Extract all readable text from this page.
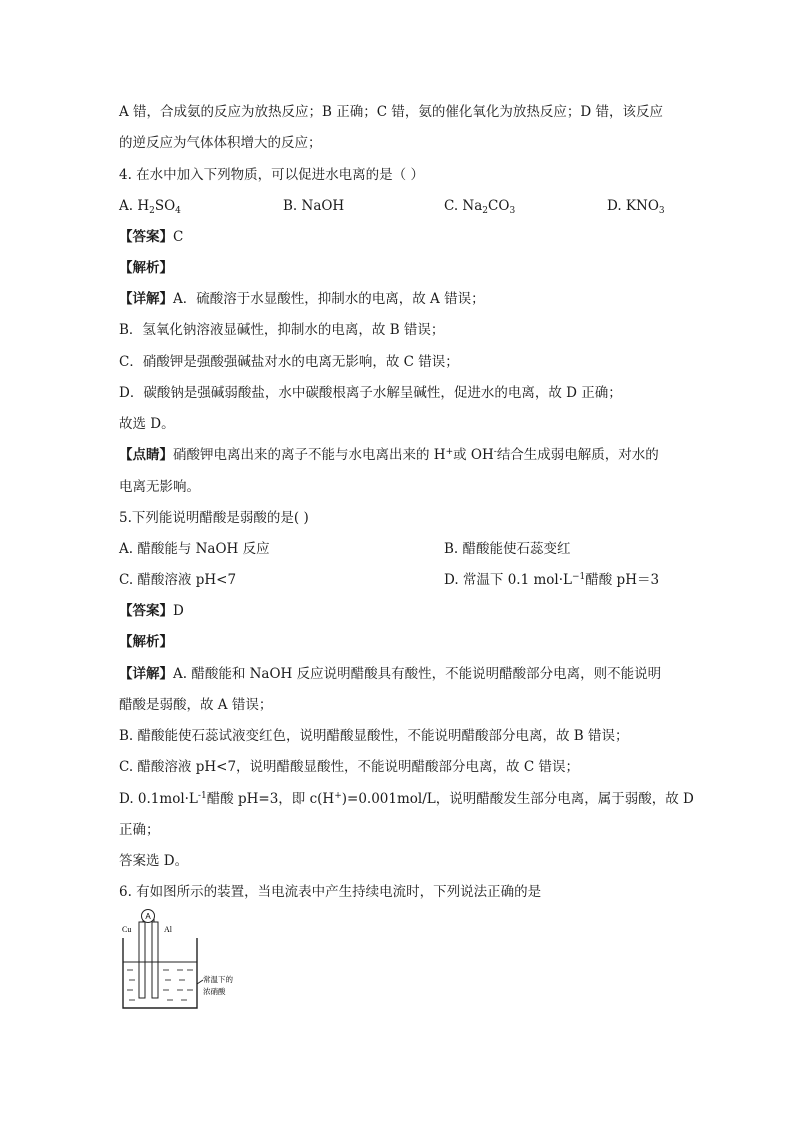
A 错，合成氨的反应为放热反应；B 正确；C 错，氨的催化氧化为放热反应；D 错，该反应
的逆反应为气体体积增大的反应；
4. 在水中加入下列物质，可以促进水电离的是（ ）
A. $H_2SO_4$	B. NaOH	C. $Na_2CO_3$	D. $KNO_3$
【答案】C
【解析】
【详解】A．硫酸溶于水显酸性，抑制水的电离，故 A 错误；
B．氢氧化钠溶液显碱性，抑制水的电离，故 B 错误；
C．硝酸钾是强酸强碱盐对水的电离无影响，故 C 错误；
D．碳酸钠是强碱弱酸盐，水中碳酸根离子水解呈碱性，促进水的电离，故 D 正确；
故选 D。
【点睛】硝酸钾电离出来的离子不能与水电离出来的 H+或 OH-结合生成弱电解质，对水的
电离无影响。
5.下列能说明醋酸是弱酸的是( )
A. 醋酸能与 NaOH 反应	B. 醋酸能使石蕊变红
C. 醋酸溶液 pH<7	D. 常温下 0.1 $mol\cdot L^{-1}$醋酸 pH＝3
【答案】D
【解析】
【详解】A. 醋酸能和 NaOH 反应说明醋酸具有酸性，不能说明醋酸部分电离，则不能说明
醋酸是弱酸，故 A 错误；
B. 醋酸能使石蕊试液变红色，说明醋酸显酸性，不能说明醋酸部分电离，故 B 错误；
C. 醋酸溶液 pH<7，说明醋酸显酸性，不能说明醋酸部分电离，故 C 错误；
D. $0.1mol\cdot L^{-1}$醋酸 pH=3，即 c(H+)=0.001mol/L，说明醋酸发生部分电离，属于弱酸，故 D
正确；
答案选 D。
6. 有如图所示的装置，当电流表中产生持续电流时，下列说法正确的是
A
Cu	Al
常温下的
浓硝酸
